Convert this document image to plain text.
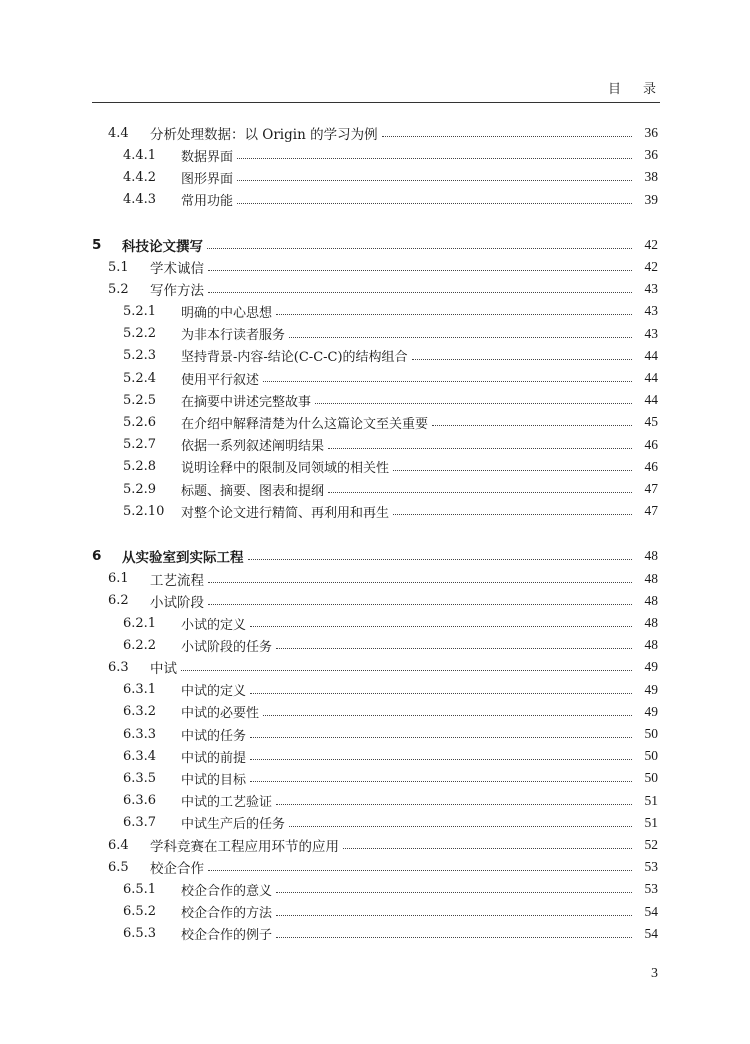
目录
4.4	分析处理数据：以 Origin 的学习为例	36
4.4.1	数据界面	36
4.4.2	图形界面	38
4.4.3	常用功能	39
5	科技论文撰写	42
5.1	学术诚信	42
5.2	写作方法	43
5.2.1	明确的中心思想	43
5.2.2	为非本行读者服务	43
5.2.3	坚持背景-内容-结论(C-C-C)的结构组合	44
5.2.4	使用平行叙述	44
5.2.5	在摘要中讲述完整故事	44
5.2.6	在介绍中解释清楚为什么这篇论文至关重要	45
5.2.7	依据一系列叙述阐明结果	46
5.2.8	说明诠释中的限制及同领域的相关性	46
5.2.9	标题、摘要、图表和提纲	47
5.2.10	对整个论文进行精简、再利用和再生	47
6	从实验室到实际工程	48
6.1	工艺流程	48
6.2	小试阶段	48
6.2.1	小试的定义	48
6.2.2	小试阶段的任务	48
6.3	中试	49
6.3.1	中试的定义	49
6.3.2	中试的必要性	49
6.3.3	中试的任务	50
6.3.4	中试的前提	50
6.3.5	中试的目标	50
6.3.6	中试的工艺验证	51
6.3.7	中试生产后的任务	51
6.4	学科竞赛在工程应用环节的应用	52
6.5	校企合作	53
6.5.1	校企合作的意义	53
6.5.2	校企合作的方法	54
6.5.3	校企合作的例子	54
3
